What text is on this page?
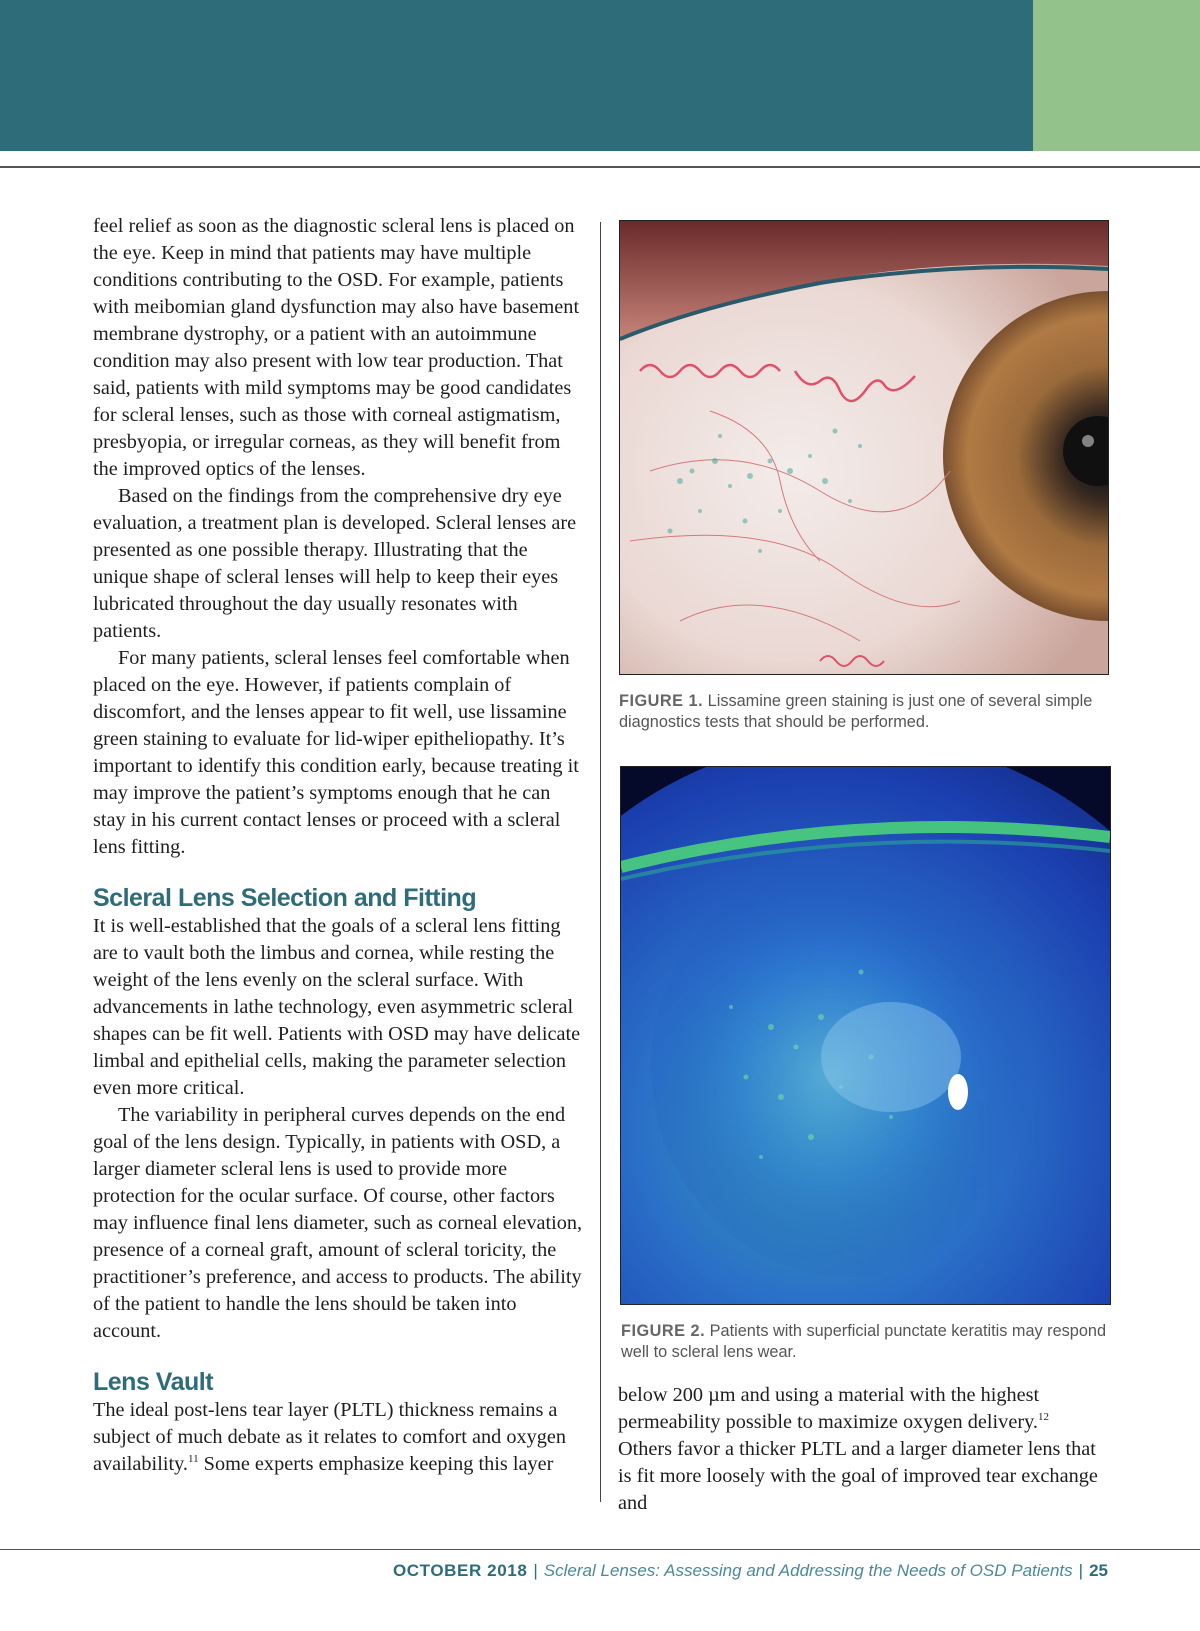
feel relief as soon as the diagnostic scleral lens is placed on the eye. Keep in mind that patients may have multiple conditions contributing to the OSD. For example, patients with meibomian gland dysfunction may also have basement membrane dystrophy, or a patient with an autoimmune condition may also present with low tear production. That said, patients with mild symptoms may be good candidates for scleral lenses, such as those with corneal astigmatism, presbyopia, or irregular corneas, as they will benefit from the improved optics of the lenses.

Based on the findings from the comprehensive dry eye evaluation, a treatment plan is developed. Scleral lenses are presented as one possible therapy. Illustrating that the unique shape of scleral lenses will help to keep their eyes lubricated throughout the day usually resonates with patients.

For many patients, scleral lenses feel comfortable when placed on the eye. However, if patients complain of discomfort, and the lenses appear to fit well, use lissamine green staining to evaluate for lid-wiper epitheliopathy. It’s important to identify this condition early, because treating it may improve the patient’s symptoms enough that he can stay in his current contact lenses or proceed with a scleral lens fitting.

Scleral Lens Selection and Fitting

It is well-established that the goals of a scleral lens fitting are to vault both the limbus and cornea, while resting the weight of the lens evenly on the scleral surface. With advancements in lathe technology, even asymmetric scleral shapes can be fit well. Patients with OSD may have delicate limbal and epithelial cells, making the parameter selection even more critical.

The variability in peripheral curves depends on the end goal of the lens design. Typically, in patients with OSD, a larger diameter scleral lens is used to provide more protection for the ocular surface. Of course, other factors may influence final lens diameter, such as corneal elevation, presence of a corneal graft, amount of scleral toricity, the practitioner’s preference, and access to products. The ability of the patient to handle the lens should be taken into account.

Lens Vault

The ideal post-lens tear layer (PLTL) thickness remains a subject of much debate as it relates to comfort and oxygen availability.$^{11}$ Some experts emphasize keeping this layer

FIGURE 1. Lissamine green staining is just one of several simple diagnostics tests that should be performed.
FIGURE 2. Patients with superficial punctate keratitis may respond well to scleral lens wear.

below 200 µm and using a material with the highest permeability possible to maximize oxygen delivery.$^{12}$ Others favor a thicker PLTL and a larger diameter lens that is fit more loosely with the goal of improved tear exchange and

OCTOBER 2018 | Scleral Lenses: Assessing and Addressing the Needs of OSD Patients | 25
